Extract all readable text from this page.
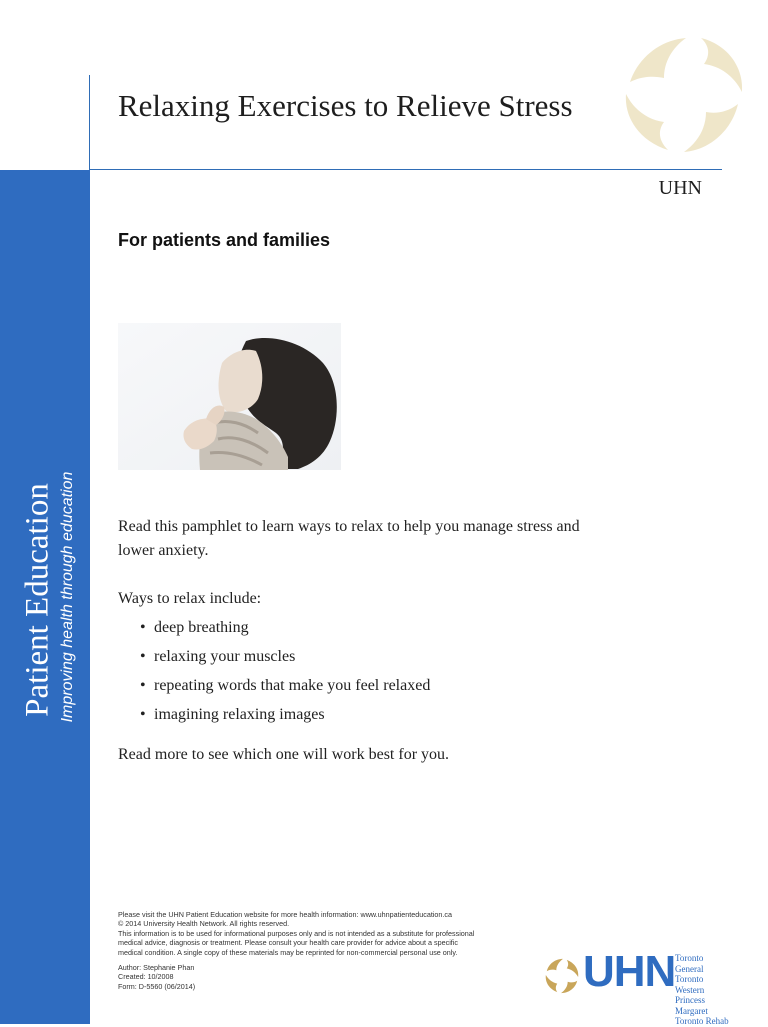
Relaxing Exercises to Relieve Stress
UHN
Patient Education Improving health through education
For patients and families

Read this pamphlet to learn ways to relax to help you manage stress and lower anxiety.

Ways to relax include:

• deep breathing
• relaxing your muscles
• repeating words that make you feel relaxed
• imagining relaxing images

Read more to see which one will work best for you.

Please visit the UHN Patient Education website for more health information: www.uhnpatienteducation.ca
© 2014 University Health Network. All rights reserved.
This information is to be used for informational purposes only and is not intended as a substitute for professional
medical advice, diagnosis or treatment. Please consult your health care provider for advice about a specific
medical condition. A single copy of these materials may be reprinted for non-commercial personal use only.
Author: Stephanie Phan
Created: 10/2008
Form: D-5560 (06/2014)	UHN Toronto General
Toronto Western
Princess Margaret
Toronto Rehab
